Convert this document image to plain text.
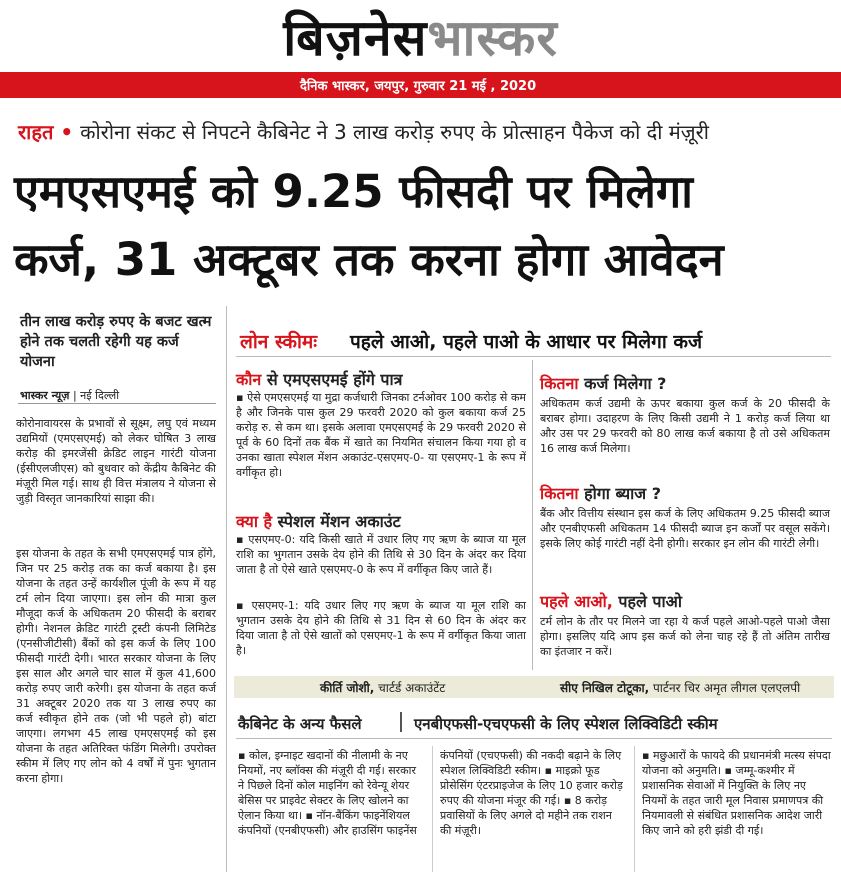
बिज़नेसभास्कर
दैनिक भास्कर, जयपुर, गुरुवार 21 मई , 2020
राहत • कोरोना संकट से निपटने कैबिनेट ने 3 लाख करोड़ रुपए के प्रोत्साहन पैकेज को दी मंज़ूरी
एमएसएमई को 9.25 फीसदी पर मिलेगा
कर्ज, 31 अक्टूबर तक करना होगा आवेदन
तीन लाख करोड़ रुपए के बजट खत्म होने तक चलती रहेगी यह कर्ज योजना
भास्कर न्यूज़ | नई दिल्ली
कोरोनावायरस के प्रभावों से सूक्ष्म, लघु एवं मध्यम उद्यमियों (एमएसएमई) को लेकर घोषित 3 लाख करोड़ की इमरजेंसी क्रेडिट लाइन गारंटी योजना (ईसीएलजीएस) को बुधवार को केंद्रीय कैबिनेट की मंज़ूरी मिल गई। साथ ही वित्त मंत्रालय ने योजना से जुड़ी विस्तृत जानकारियां साझा की।
इस योजना के तहत के सभी एमएसएमई पात्र होंगे, जिन पर 25 करोड़ तक का कर्ज बकाया है। इस योजना के तहत उन्हें कार्यशील पूंजी के रूप में यह टर्म लोन दिया जाएगा। इस लोन की मात्रा कुल मौजूदा कर्ज के अधिकतम 20 फीसदी के बराबर होगी। नेशनल क्रेडिट गारंटी ट्रस्टी कंपनी लिमिटेड (एनसीजीटीसी) बैंकों को इस कर्ज के लिए 100 फीसदी गारंटी देगी। भारत सरकार योजना के लिए इस साल और अगले चार साल में कुल 41,600 करोड़ रुपए जारी करेगी। इस योजना के तहत कर्ज 31 अक्टूबर 2020 तक या 3 लाख रुपए का कर्ज स्वीकृत होने तक (जो भी पहले हो) बांटा जाएगा। लगभग 45 लाख एमएसएमई को इस योजना के तहत अतिरिक्त फंडिंग मिलेगी। उपरोक्त स्कीम में लिए गए लोन को 4 वर्षों में पुनः भुगतान करना होगा।
लोन स्कीमः पहले आओ, पहले पाओ के आधार पर मिलेगा कर्ज
कौन से एमएसएमई होंगे पात्र
▪ ऐसे एमएसएमई या मुद्रा कर्जधारी जिनका टर्नओवर 100 करोड़ से कम है और जिनके पास कुल 29 फरवरी 2020 को कुल बकाया कर्ज 25 करोड़ रु. से कम था। इसके अलावा एमएसएमई के 29 फरवरी 2020 से पूर्व के 60 दिनों तक बैंक में खाते का नियमित संचालन किया गया हो व उनका खाता स्पेशल मेंशन अकाउंट-एसएमए-0- या एसएमए-1 के रूप में वर्गीकृत हो।
क्या है स्पेशल मेंशन अकाउंट
▪ एसएमए-0: यदि किसी खाते में उधार लिए गए ऋण के ब्याज या मूल राशि का भुगतान उसके देय होने की तिथि से 30 दिन के अंदर कर दिया जाता है तो ऐसे खाते एसएमए-0 के रूप में वर्गीकृत किए जाते हैं।
▪ एसएमए-1: यदि उधार लिए गए ऋण के ब्याज या मूल राशि का भुगतान उसके देय होने की तिथि से 31 दिन से 60 दिन के अंदर कर दिया जाता है तो ऐसे खातों को एसएमए-1 के रूप में वर्गीकृत किया जाता है।
कितना कर्ज मिलेगा ?
अधिकतम कर्ज उद्यमी के ऊपर बकाया कुल कर्ज के 20 फीसदी के बराबर होगा। उदाहरण के लिए किसी उद्यमी ने 1 करोड़ कर्ज लिया था और उस पर 29 फरवरी को 80 लाख कर्ज बकाया है तो उसे अधिकतम 16 लाख कर्ज मिलेगा।
कितना होगा ब्याज ?
बैंक और वित्तीय संस्थान इस कर्ज के लिए अधिकतम 9.25 फीसदी ब्याज और एनबीएफसी अधिकतम 14 फीसदी ब्याज इन कर्जों पर वसूल सकेंगे। इसके लिए कोई गारंटी नहीं देनी होगी। सरकार इन लोन की गारंटी लेगी।
पहले आओ, पहले पाओ
टर्म लोन के तौर पर मिलने जा रहा ये कर्ज पहले आओ-पहले पाओ जैसा होगा। इसलिए यदि आप इस कर्ज को लेना चाह रहे हैं तो अंतिम तारीख का इंतजार न करें।
कीर्ति जोशी, चार्टर्ड अकाउंटेंट	सीए निखिल टोटूका, पार्टनर चिर अमृत लीगल एलएलपी
कैबिनेट के अन्य फैसले	एनबीएफसी-एचएफसी के लिए स्पेशल लिक्विडिटी स्कीम
▪ कोल, इग्नाइट खदानों की नीलामी के नए नियमों, नए ब्लॉक्स की मंज़ूरी दी गई। सरकार ने पिछले दिनों कोल माइनिंग को रेवेन्यू शेयर बेसिस पर प्राइवेट सेक्टर के लिए खोलने का ऐलान किया था। ▪ नॉन-बैंकिंग फाइनेंशियल कंपनियों (एनबीएफसी) और हाउसिंग फाइनेंस
कंपनियों (एचएफसी) की नकदी बढ़ाने के लिए स्पेशल लिक्विडिटी स्कीम। ▪ माइक्रो फूड प्रोसेसिंग एंटरप्राइजेज के लिए 10 हजार करोड़ रुपए की योजना मंजूर की गई। ▪ 8 करोड़ प्रवासियों के लिए अगले दो महीने तक राशन की मंज़ूरी।
▪ मछुआरों के फायदे की प्रधानमंत्री मत्स्य संपदा योजना को अनुमति। ▪ जम्मू-कश्मीर में प्रशासनिक सेवाओं में नियुक्ति के लिए नए नियमों के तहत जारी मूल निवास प्रमाणपत्र की नियमावली से संबंधित प्रशासनिक आदेश जारी किए जाने को हरी झंडी दी गई।
